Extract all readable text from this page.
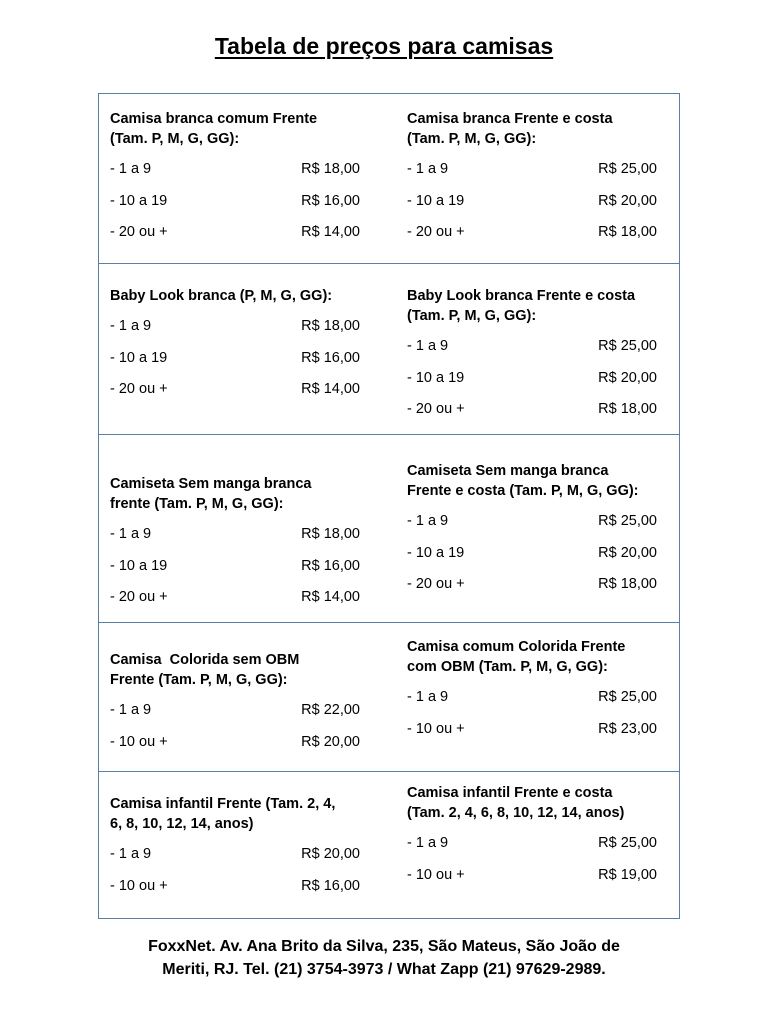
Tabela de preços para camisas
Camisa branca comum Frente
(Tam. P, M, G, GG):
- 1 a 9	R$ 18,00
- 10 a 19	R$ 16,00
- 20 ou +	R$ 14,00
Camisa branca Frente e costa
(Tam. P, M, G, GG):
- 1 a 9	R$ 25,00
- 10 a 19	R$ 20,00
- 20 ou +	R$ 18,00
Baby Look branca (P, M, G, GG):
- 1 a 9	R$ 18,00
- 10 a 19	R$ 16,00
- 20 ou +	R$ 14,00
Baby Look branca Frente e costa
(Tam. P, M, G, GG):
- 1 a 9	R$ 25,00
- 10 a 19	R$ 20,00
- 20 ou +	R$ 18,00
Camiseta Sem manga branca
frente (Tam. P, M, G, GG):
- 1 a 9	R$ 18,00
- 10 a 19	R$ 16,00
- 20 ou +	R$ 14,00
Camiseta Sem manga branca
Frente e costa (Tam. P, M, G, GG):
- 1 a 9	R$ 25,00
- 10 a 19	R$ 20,00
- 20 ou +	R$ 18,00
Camisa  Colorida sem OBM
Frente (Tam. P, M, G, GG):
- 1 a 9	R$ 22,00
- 10 ou +	R$ 20,00
Camisa comum Colorida Frente
com OBM (Tam. P, M, G, GG):
- 1 a 9	R$ 25,00
- 10 ou +	R$ 23,00
Camisa infantil Frente (Tam. 2, 4,
6, 8, 10, 12, 14, anos)
- 1 a 9	R$ 20,00
- 10 ou +	R$ 16,00
Camisa infantil Frente e costa
(Tam. 2, 4, 6, 8, 10, 12, 14, anos)
- 1 a 9	R$ 25,00
- 10 ou +	R$ 19,00
FoxxNet. Av. Ana Brito da Silva, 235, São Mateus, São João de
Meriti, RJ. Tel. (21) 3754-3973 / What Zapp (21) 97629-2989.
